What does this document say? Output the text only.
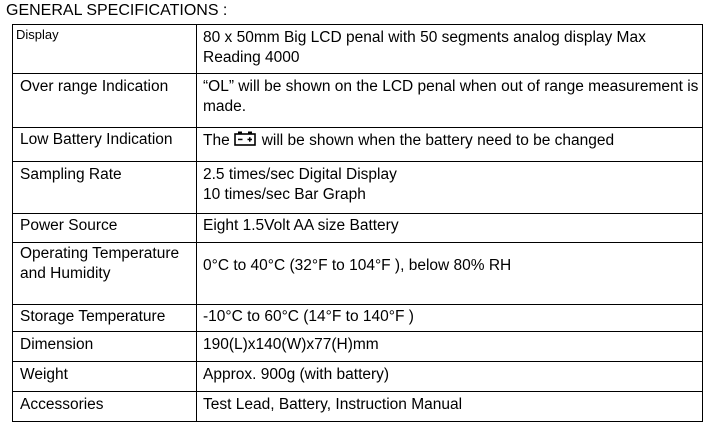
GENERAL SPECIFICATIONS :
Display	80 x 50mm Big LCD penal with 50 segments analog display Max Reading 4000
Over range Indication	“OL” will be shown on the LCD penal when out of range measurement is made.
Low Battery Indication	The will be shown when the battery need to be changed
Sampling Rate	2.5 times/sec Digital Display
10 times/sec Bar Graph

Power Source	Eight 1.5Volt AA size Battery

Operating Temperature
and Humidity	0°C to 40°C (32°F to 104°F ), below 80% RH
Storage Temperature	-10°C to 60°C (14°F to 140°F )
Dimension	190(L)x140(W)x77(H)mm
Weight	Approx. 900g (with battery)
Accessories	Test Lead, Battery, Instruction Manual
